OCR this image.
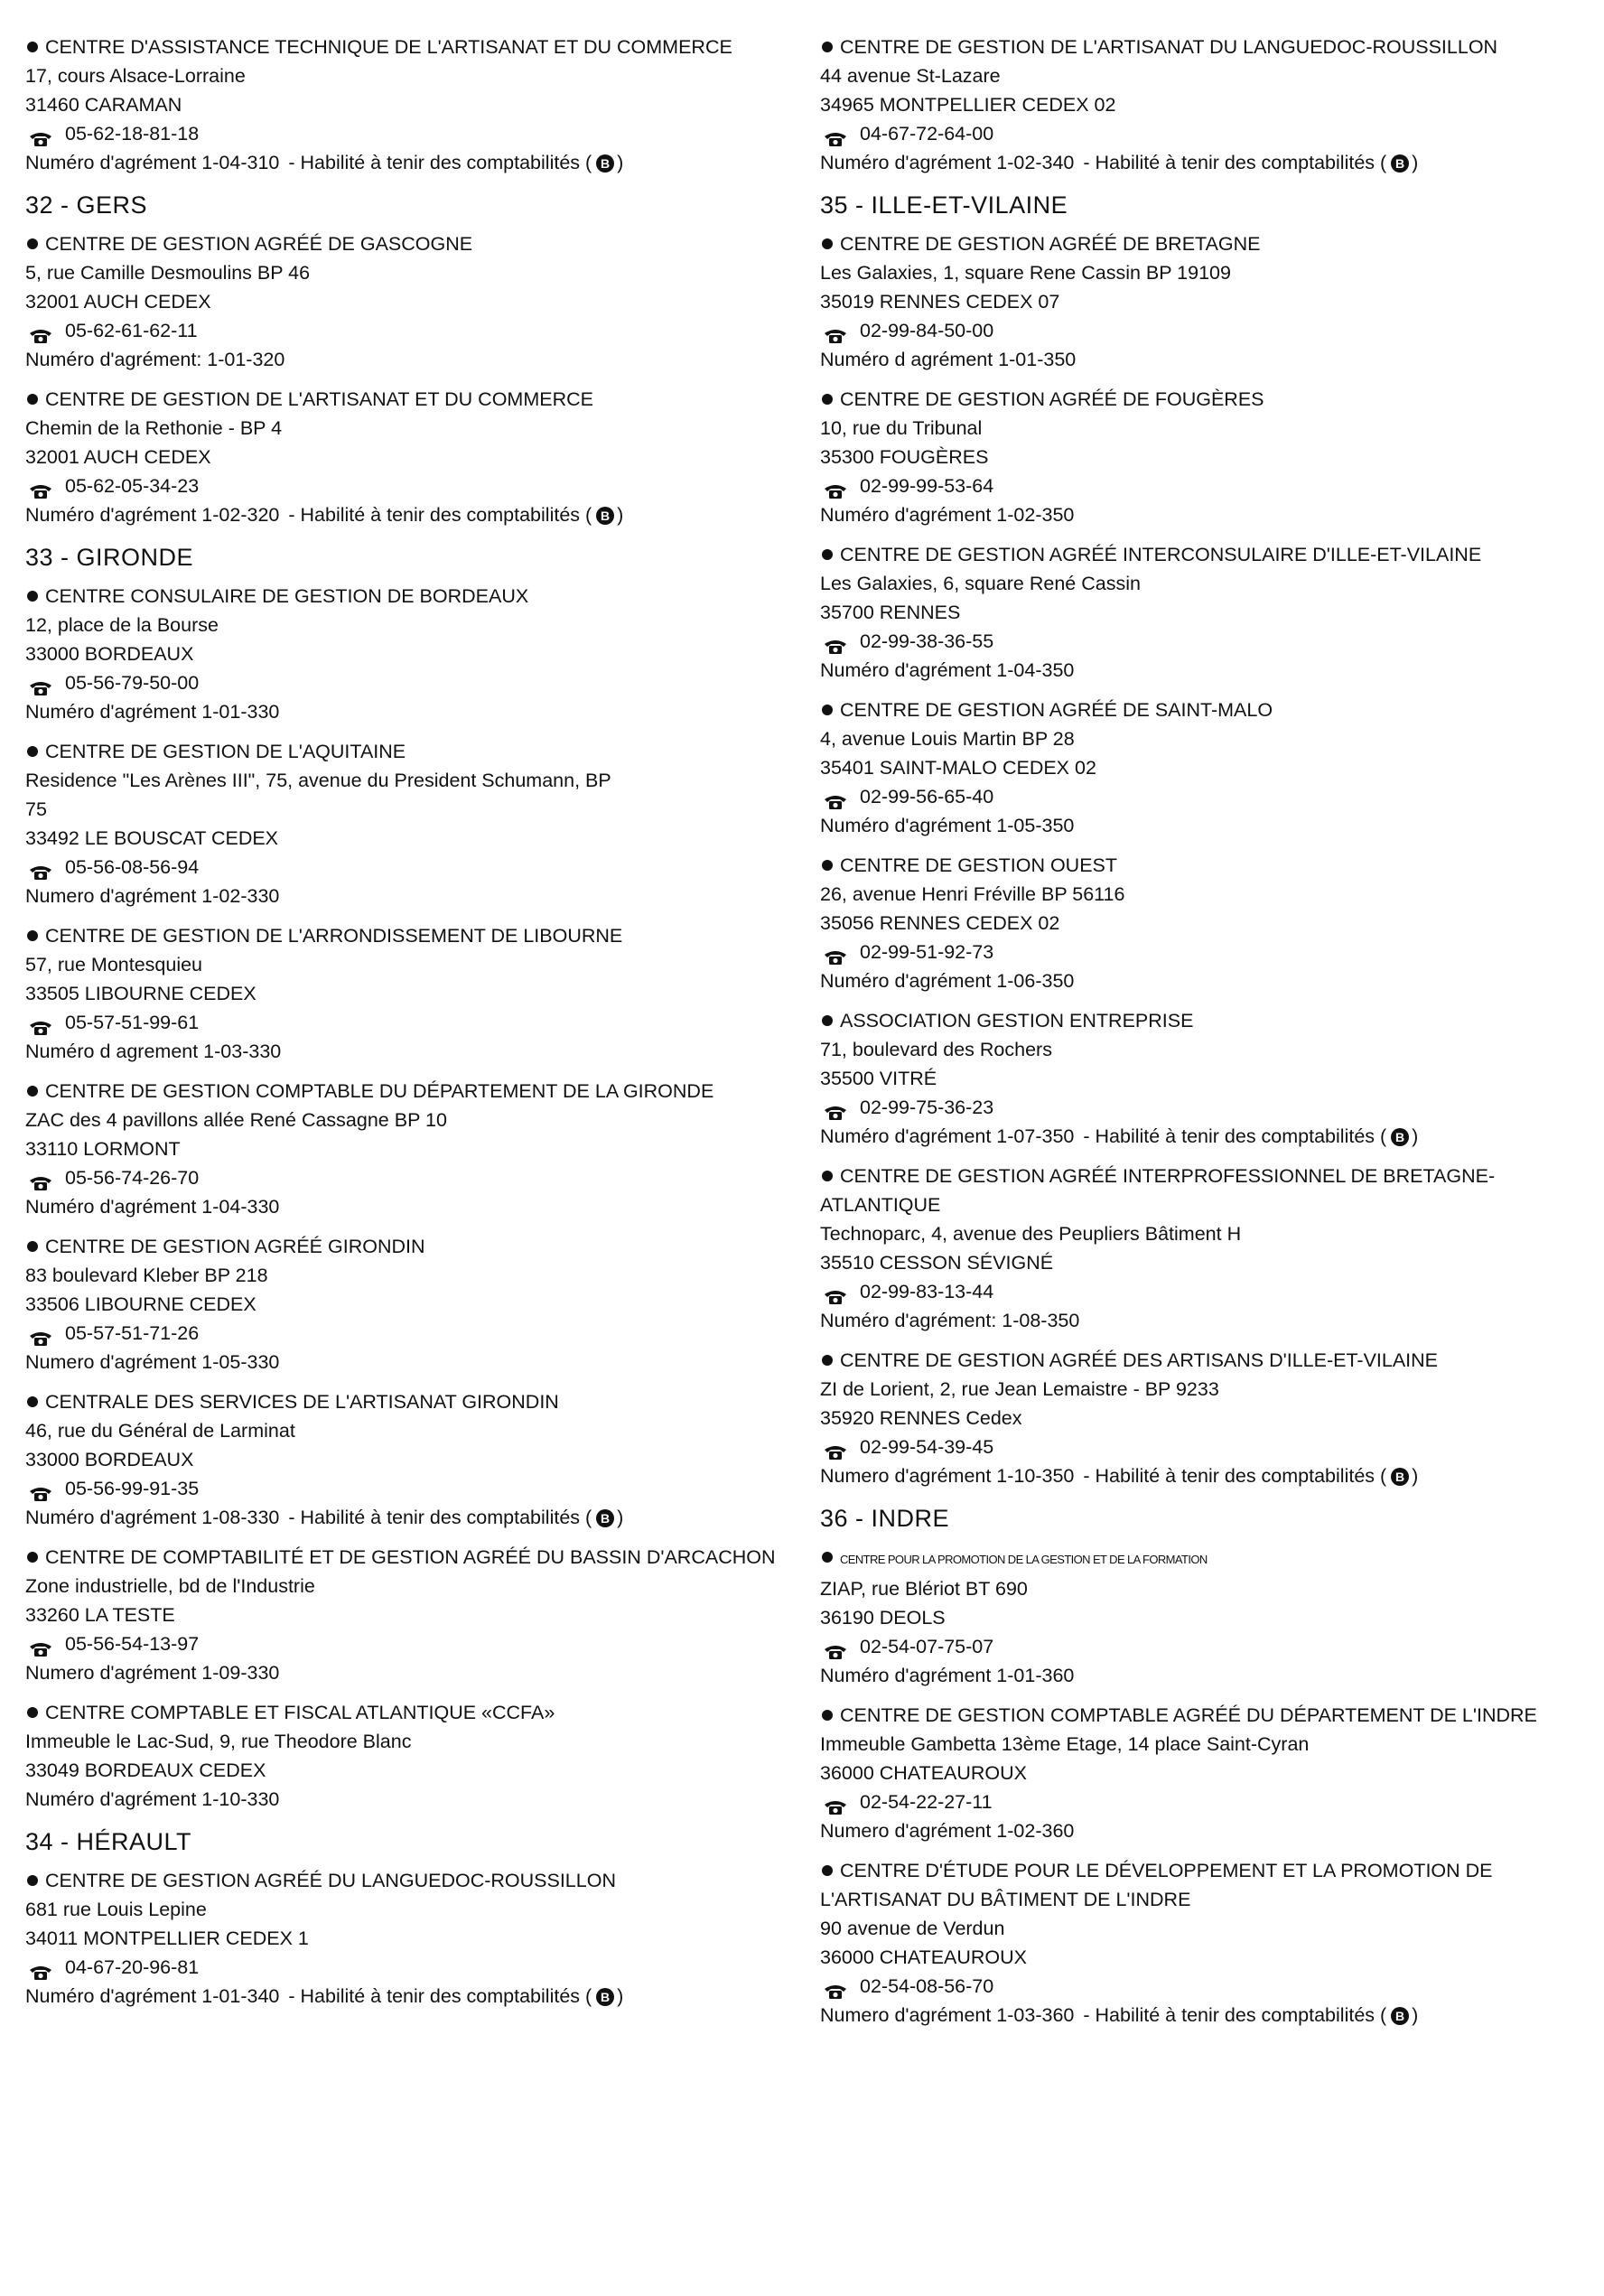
CENTRE D'ASSISTANCE TECHNIQUE DE L'ARTISANAT ET DU COMMERCE
17, cours Alsace-Lorraine
31460 CARAMAN
05-62-18-81-18
Numéro d'agrément 1-04-310 - Habilité à tenir des comptabilités ( B )
32 - GERS
CENTRE DE GESTION AGRÉÉ DE GASCOGNE
5, rue Camille Desmoulins BP 46
32001 AUCH CEDEX
05-62-61-62-11
Numéro d'agrément: 1-01-320
CENTRE DE GESTION DE L'ARTISANAT ET DU COMMERCE
Chemin de la Rethonie - BP 4
32001 AUCH CEDEX
05-62-05-34-23
Numéro d'agrément 1-02-320 - Habilité à tenir des comptabilités ( B )
33 - GIRONDE
CENTRE CONSULAIRE DE GESTION DE BORDEAUX
12, place de la Bourse
33000 BORDEAUX
05-56-79-50-00
Numéro d'agrément 1-01-330
CENTRE DE GESTION DE L'AQUITAINE
Residence "Les Arènes III", 75, avenue du President Schumann, BP
75
33492 LE BOUSCAT CEDEX
05-56-08-56-94
Numero d'agrément 1-02-330
CENTRE DE GESTION DE L'ARRONDISSEMENT DE LIBOURNE
57, rue Montesquieu
33505 LIBOURNE CEDEX
05-57-51-99-61
Numéro d agrement 1-03-330
CENTRE DE GESTION COMPTABLE DU DÉPARTEMENT DE LA GIRONDE
ZAC des 4 pavillons allée René Cassagne BP 10
33110 LORMONT
05-56-74-26-70
Numéro d'agrément 1-04-330
CENTRE DE GESTION AGRÉÉ GIRONDIN
83 boulevard Kleber BP 218
33506 LIBOURNE CEDEX
05-57-51-71-26
Numero d'agrément 1-05-330
CENTRALE DES SERVICES DE L'ARTISANAT GIRONDIN
46, rue du Général de Larminat
33000 BORDEAUX
05-56-99-91-35
Numéro d'agrément 1-08-330 - Habilité à tenir des comptabilités ( B )
CENTRE DE COMPTABILITÉ ET DE GESTION AGRÉÉ DU BASSIN D'ARCACHON
Zone industrielle, bd de l'Industrie
33260 LA TESTE
05-56-54-13-97
Numero d'agrément 1-09-330
CENTRE COMPTABLE ET FISCAL ATLANTIQUE «CCFA»
Immeuble le Lac-Sud, 9, rue Theodore Blanc
33049 BORDEAUX CEDEX
Numéro d'agrément 1-10-330
34 - HÉRAULT
CENTRE DE GESTION AGRÉÉ DU LANGUEDOC-ROUSSILLON
681 rue Louis Lepine
34011 MONTPELLIER CEDEX 1
04-67-20-96-81
Numéro d'agrément 1-01-340 - Habilité à tenir des comptabilités ( B )
CENTRE DE GESTION DE L'ARTISANAT DU LANGUEDOC-ROUSSILLON
44 avenue St-Lazare
34965 MONTPELLIER CEDEX 02
04-67-72-64-00
Numéro d'agrément 1-02-340 - Habilité à tenir des comptabilités ( B )
35 - ILLE-ET-VILAINE
CENTRE DE GESTION AGRÉÉ DE BRETAGNE
Les Galaxies, 1, square Rene Cassin BP 19109
35019 RENNES CEDEX 07
02-99-84-50-00
Numéro d agrément 1-01-350
CENTRE DE GESTION AGRÉÉ DE FOUGÈRES
10, rue du Tribunal
35300 FOUGÈRES
02-99-99-53-64
Numéro d'agrément 1-02-350
CENTRE DE GESTION AGRÉÉ INTERCONSULAIRE D'ILLE-ET-VILAINE
Les Galaxies, 6, square René Cassin
35700 RENNES
02-99-38-36-55
Numéro d'agrément 1-04-350
CENTRE DE GESTION AGRÉÉ DE SAINT-MALO
4, avenue Louis Martin BP 28
35401 SAINT-MALO CEDEX 02
02-99-56-65-40
Numéro d'agrément 1-05-350
CENTRE DE GESTION OUEST
26, avenue Henri Fréville BP 56116
35056 RENNES CEDEX 02
02-99-51-92-73
Numéro d'agrément 1-06-350
ASSOCIATION GESTION ENTREPRISE
71, boulevard des Rochers
35500 VITRÉ
02-99-75-36-23
Numéro d'agrément 1-07-350 - Habilité à tenir des comptabilités ( B )
CENTRE DE GESTION AGRÉÉ INTERPROFESSIONNEL DE BRETAGNE-ATLANTIQUE
Technoparc, 4, avenue des Peupliers Bâtiment H
35510 CESSON SÉVIGNÉ
02-99-83-13-44
Numéro d'agrément: 1-08-350
CENTRE DE GESTION AGRÉÉ DES ARTISANS D'ILLE-ET-VILAINE
ZI de Lorient, 2, rue Jean Lemaistre - BP 9233
35920 RENNES Cedex
02-99-54-39-45
Numero d'agrément 1-10-350 - Habilité à tenir des comptabilités ( B )
36 - INDRE
CENTRE POUR LA PROMOTION DE LA GESTION ET DE LA FORMATION
ZIAP, rue Blériot BT 690
36190 DEOLS
02-54-07-75-07
Numéro d'agrément 1-01-360
CENTRE DE GESTION COMPTABLE AGRÉÉ DU DÉPARTEMENT DE L'INDRE
Immeuble Gambetta 13ème Etage, 14 place Saint-Cyran
36000 CHATEAUROUX
02-54-22-27-11
Numero d'agrément 1-02-360
CENTRE D'ÉTUDE POUR LE DÉVELOPPEMENT ET LA PROMOTION DE L'ARTISANAT DU BÂTIMENT DE L'INDRE
90 avenue de Verdun
36000 CHATEAUROUX
02-54-08-56-70
Numero d'agrément 1-03-360 - Habilité à tenir des comptabilités ( B )
